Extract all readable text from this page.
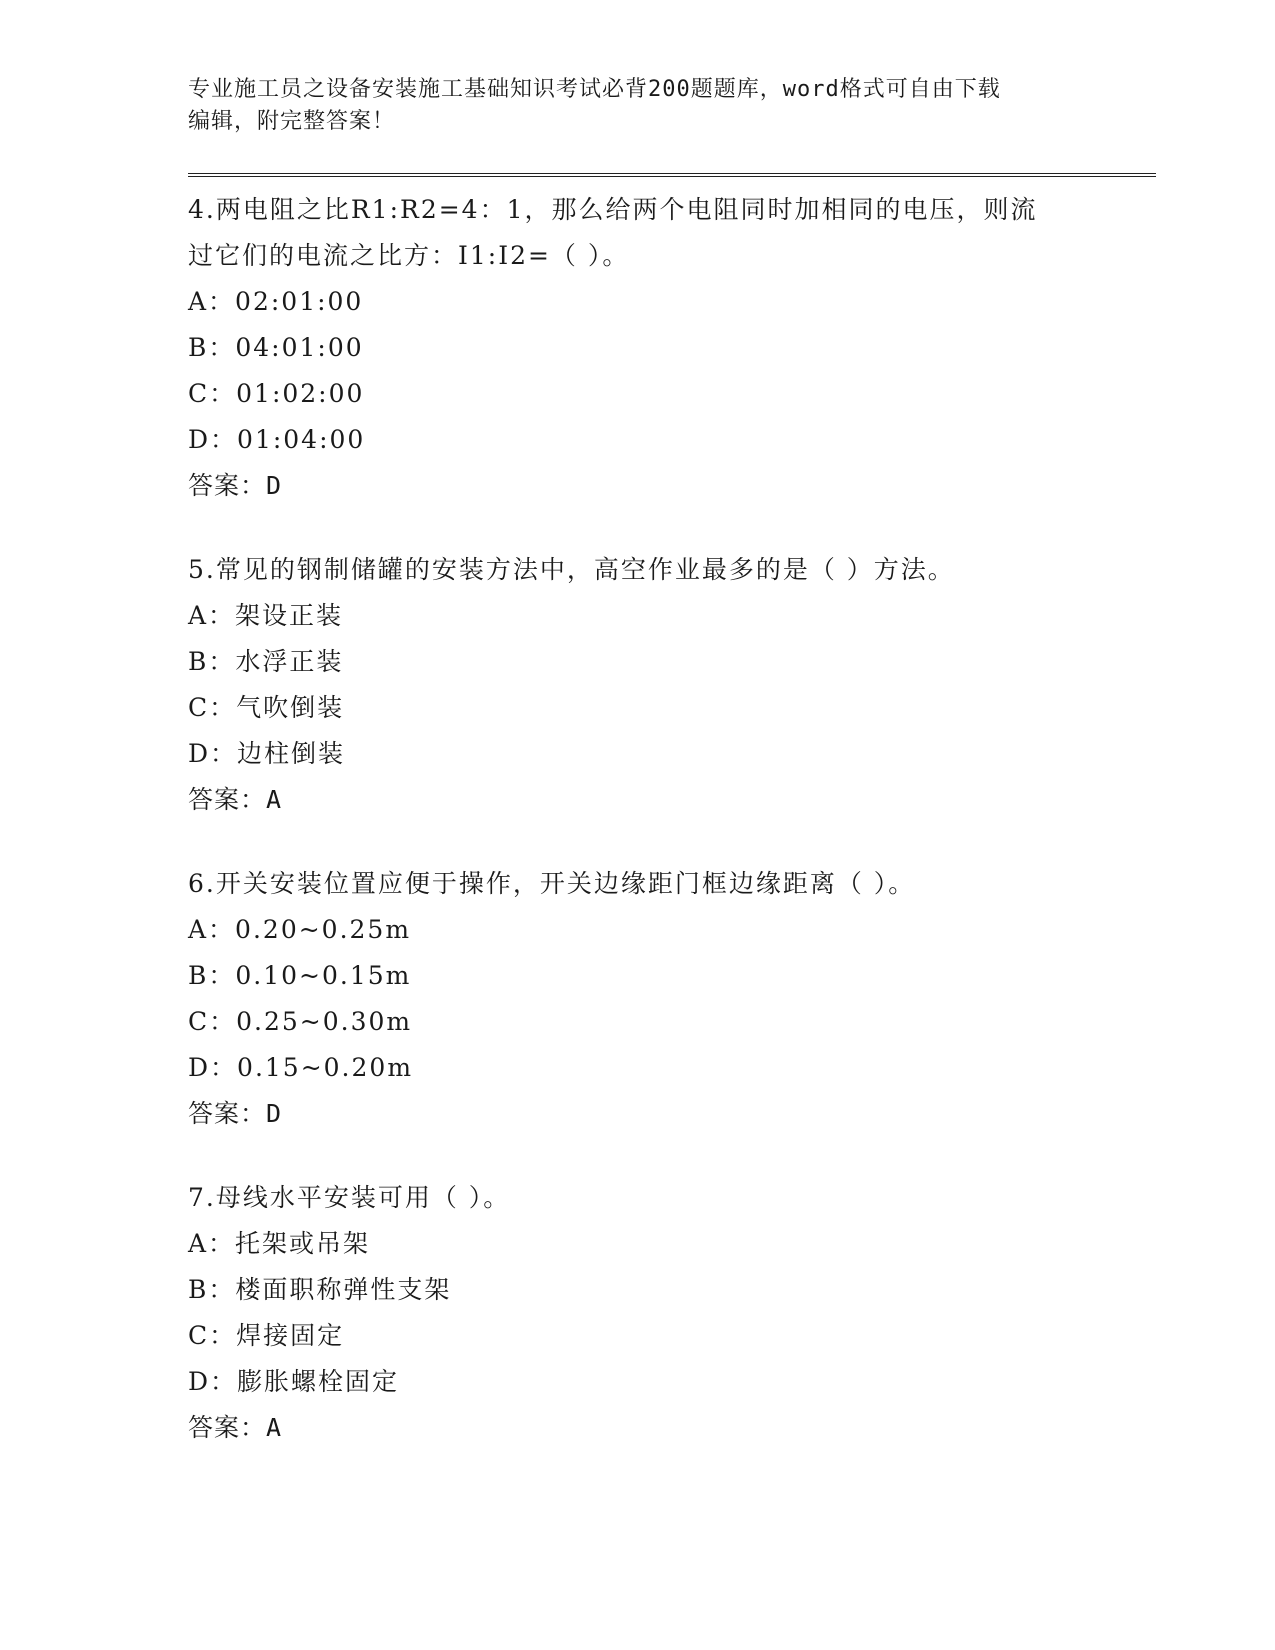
专业施工员之设备安装施工基础知识考试必背200题题库，word格式可自由下载
编辑，附完整答案！
4.两电阻之比R1:R2=4：1，那么给两个电阻同时加相同的电压，则流
过它们的电流之比方：I1:I2=（ ）。
A：02:01:00
B：04:01:00
C：01:02:00
D：01:04:00
答案：D
5.常见的钢制储罐的安装方法中，高空作业最多的是（ ）方法。
A：架设正装
B：水浮正装
C：气吹倒装
D：边柱倒装
答案：A
6.开关安装位置应便于操作，开关边缘距门框边缘距离（ ）。
A：0.20~0.25m
B：0.10~0.15m
C：0.25~0.30m
D：0.15~0.20m
答案：D
7.母线水平安装可用（ ）。
A：托架或吊架
B：楼面职称弹性支架
C：焊接固定
D：膨胀螺栓固定
答案：A
